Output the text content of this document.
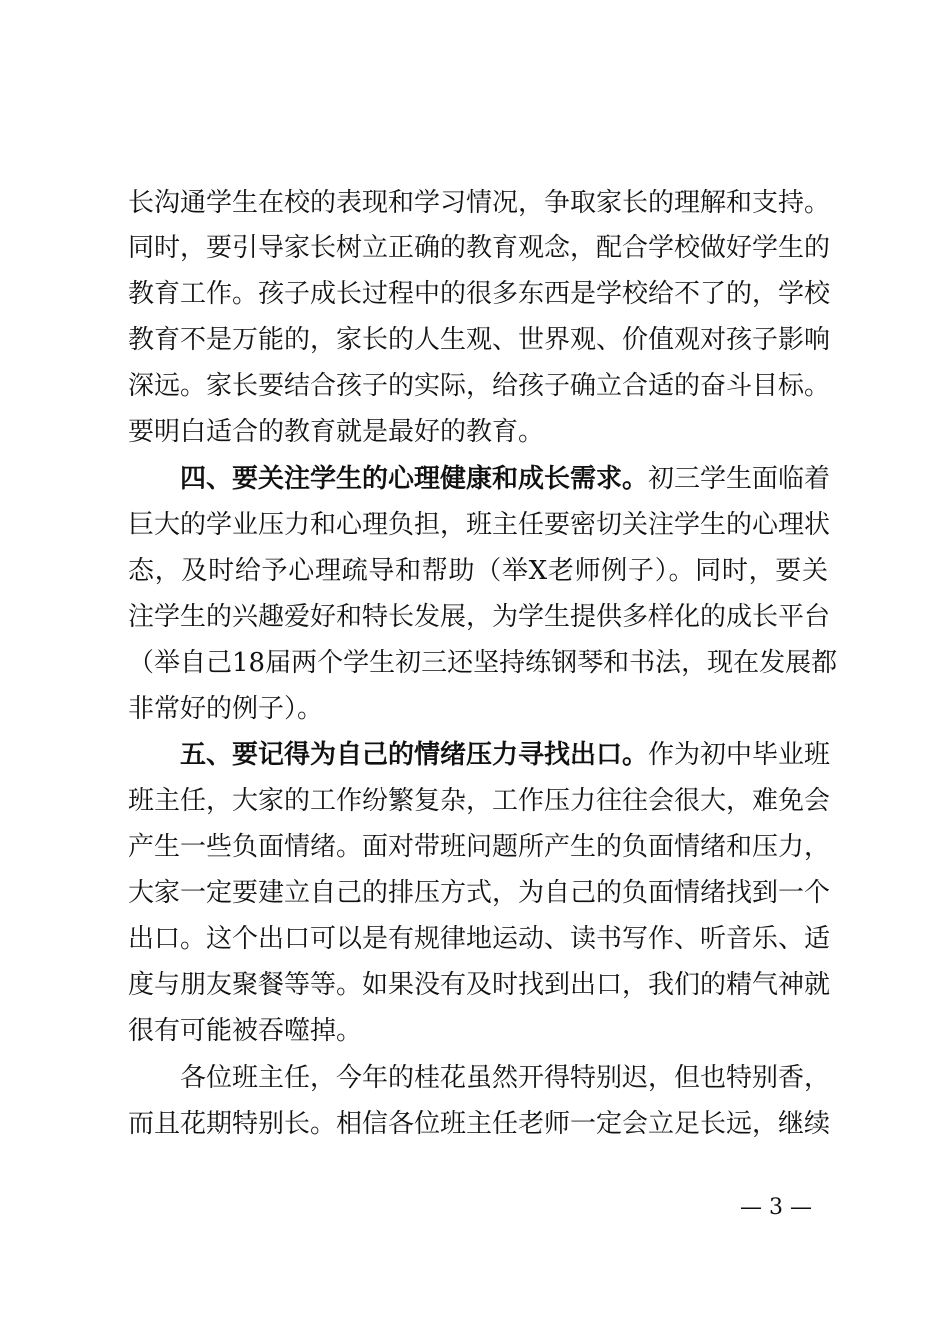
长沟通学生在校的表现和学习情况，争取家长的理解和支持。
同时，要引导家长树立正确的教育观念，配合学校做好学生的
教育工作。孩子成长过程中的很多东西是学校给不了的，学校
教育不是万能的，家长的人生观、世界观、价值观对孩子影响
深远。家长要结合孩子的实际，给孩子确立合适的奋斗目标。
要明白适合的教育就是最好的教育。
四、要关注学生的心理健康和成长需求。初三学生面临着
巨大的学业压力和心理负担，班主任要密切关注学生的心理状
态，及时给予心理疏导和帮助（举X老师例子）。同时，要关
注学生的兴趣爱好和特长发展，为学生提供多样化的成长平台
（举自己18届两个学生初三还坚持练钢琴和书法，现在发展都
非常好的例子）。
五、要记得为自己的情绪压力寻找出口。作为初中毕业班
班主任，大家的工作纷繁复杂，工作压力往往会很大，难免会
产生一些负面情绪。面对带班问题所产生的负面情绪和压力，
大家一定要建立自己的排压方式，为自己的负面情绪找到一个
出口。这个出口可以是有规律地运动、读书写作、听音乐、适
度与朋友聚餐等等。如果没有及时找到出口，我们的精气神就
很有可能被吞噬掉。
各位班主任，今年的桂花虽然开得特别迟，但也特别香，
而且花期特别长。相信各位班主任老师一定会立足长远，继续
— 3 —
